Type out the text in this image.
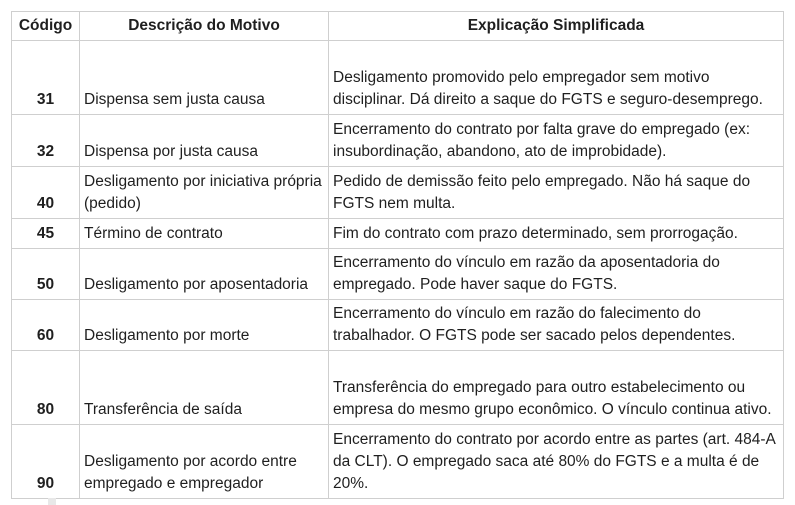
Código	Descrição do Motivo	Explicação Simplificada
31	Dispensa sem justa causa	Desligamento promovido pelo empregador sem motivo disciplinar. Dá direito a saque do FGTS e seguro-desemprego.
32	Dispensa por justa causa	Encerramento do contrato por falta grave do empregado (ex: insubordinação, abandono, ato de improbidade).
40	Desligamento por iniciativa própria (pedido)	Pedido de demissão feito pelo empregado. Não há saque do FGTS nem multa.
45	Término de contrato	Fim do contrato com prazo determinado, sem prorrogação.
50	Desligamento por aposentadoria	Encerramento do vínculo em razão da aposentadoria do empregado. Pode haver saque do FGTS.
60	Desligamento por morte	Encerramento do vínculo em razão do falecimento do trabalhador. O FGTS pode ser sacado pelos dependentes.
80	Transferência de saída	Transferência do empregado para outro estabelecimento ou empresa do mesmo grupo econômico. O vínculo continua ativo.
90	Desligamento por acordo entre empregado e empregador	Encerramento do contrato por acordo entre as partes (art. 484-A da CLT). O empregado saca até 80% do FGTS e a multa é de 20%.
